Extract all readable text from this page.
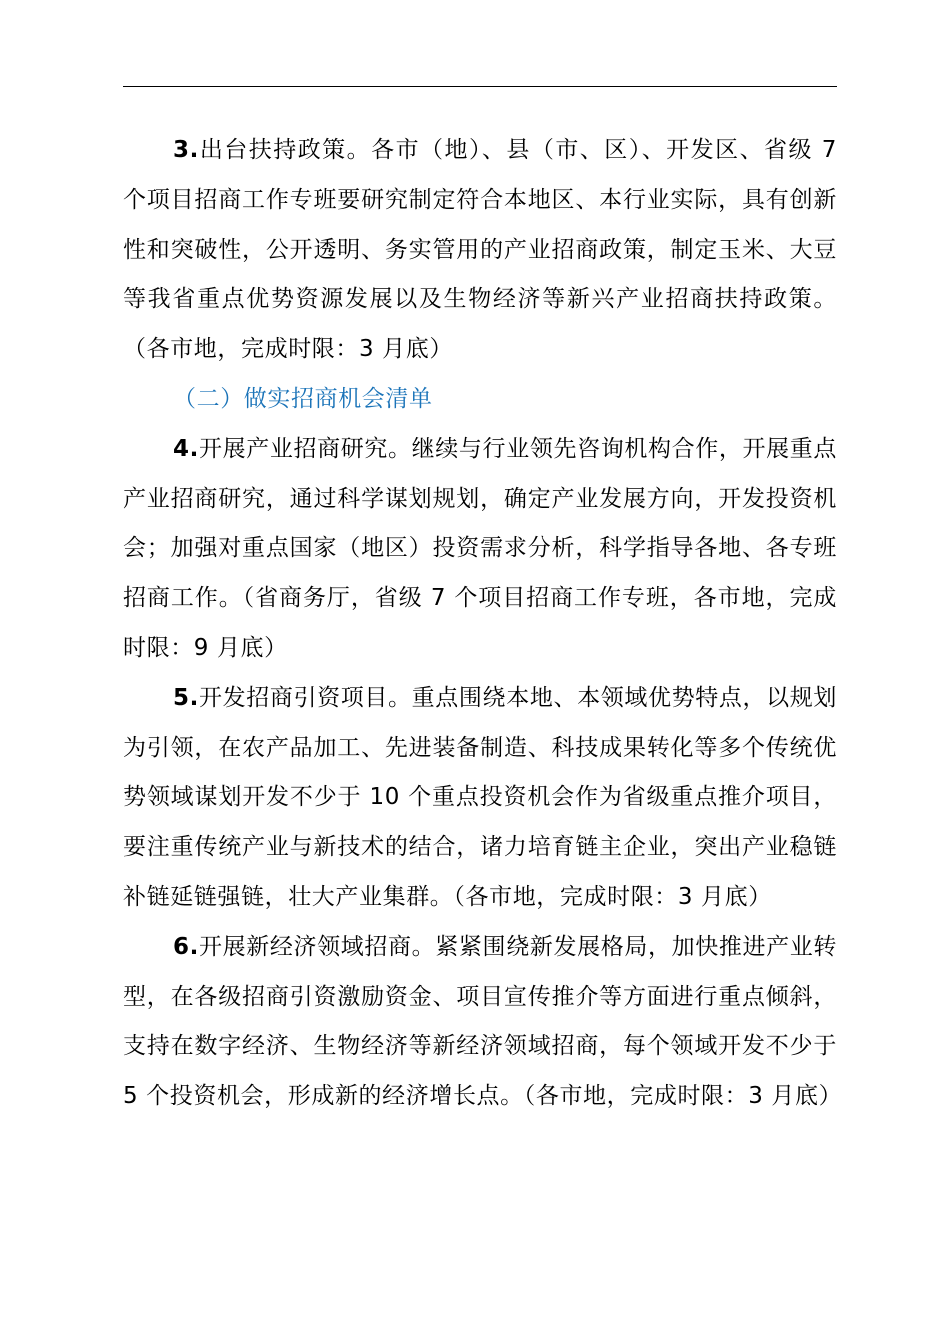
3.出台扶持政策。各市（地）、县（市、区）、开发区、省级 7 个项目招商工作专班要研究制定符合本地区、本行业实际，具有创新性和突破性，公开透明、务实管用的产业招商政策，制定玉米、大豆等我省重点优势资源发展以及生物经济等新兴产业招商扶持政策。（各市地，完成时限：3 月底）

（二）做实招商机会清单

4.开展产业招商研究。继续与行业领先咨询机构合作，开展重点产业招商研究，通过科学谋划规划，确定产业发展方向，开发投资机会；加强对重点国家（地区）投资需求分析，科学指导各地、各专班招商工作。（省商务厅，省级 7 个项目招商工作专班，各市地，完成时限：9 月底）

5.开发招商引资项目。重点围绕本地、本领域优势特点，以规划为引领，在农产品加工、先进装备制造、科技成果转化等多个传统优势领域谋划开发不少于 10 个重点投资机会作为省级重点推介项目，要注重传统产业与新技术的结合，诸力培育链主企业，突出产业稳链补链延链强链，壮大产业集群。（各市地，完成时限：3 月底）

6.开展新经济领域招商。紧紧围绕新发展格局，加快推进产业转型，在各级招商引资激励资金、项目宣传推介等方面进行重点倾斜，支持在数字经济、生物经济等新经济领域招商，每个领域开发不少于 5 个投资机会，形成新的经济增长点。（各市地，完成时限：3 月底）
